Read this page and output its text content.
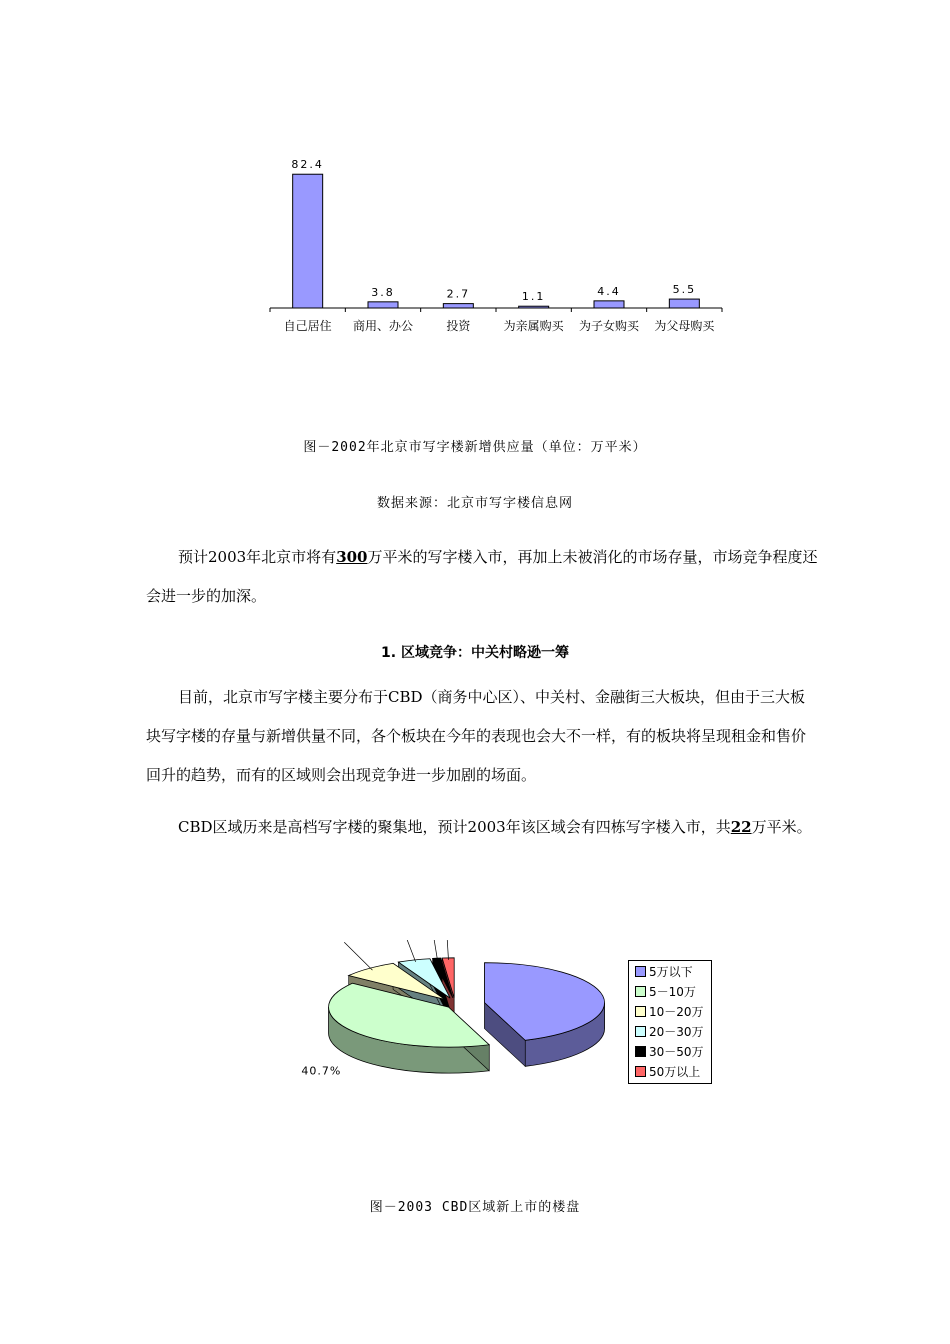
82.4
自己居住
3.8
商用、办公
2.7
投资
1.1
为亲属购买
4.4
为子女购买
5.5
为父母购买
图－2002年北京市写字楼新增供应量（单位：万平米）
数据来源：北京市写字楼信息网
预计2003年北京市将有300万平米的写字楼入市，再加上未被消化的市场存量，市场竞争程度还会进一步的加深。
1. 区域竞争：中关村略逊一筹
目前，北京市写字楼主要分布于CBD（商务中心区）、中关村、金融街三大板块，但由于三大板块写字楼的存量与新增供量不同，各个板块在今年的表现也会大不一样，有的板块将呈现租金和售价回升的趋势，而有的区域则会出现竞争进一步加剧的场面。
CBD区域历来是高档写字楼的聚集地，预计2003年该区域会有四栋写字楼入市，共22万平米。
40.7%
5万以下
5－10万
10－20万
20－30万
30－50万
50万以上
图－2003 CBD区域新上市的楼盘
